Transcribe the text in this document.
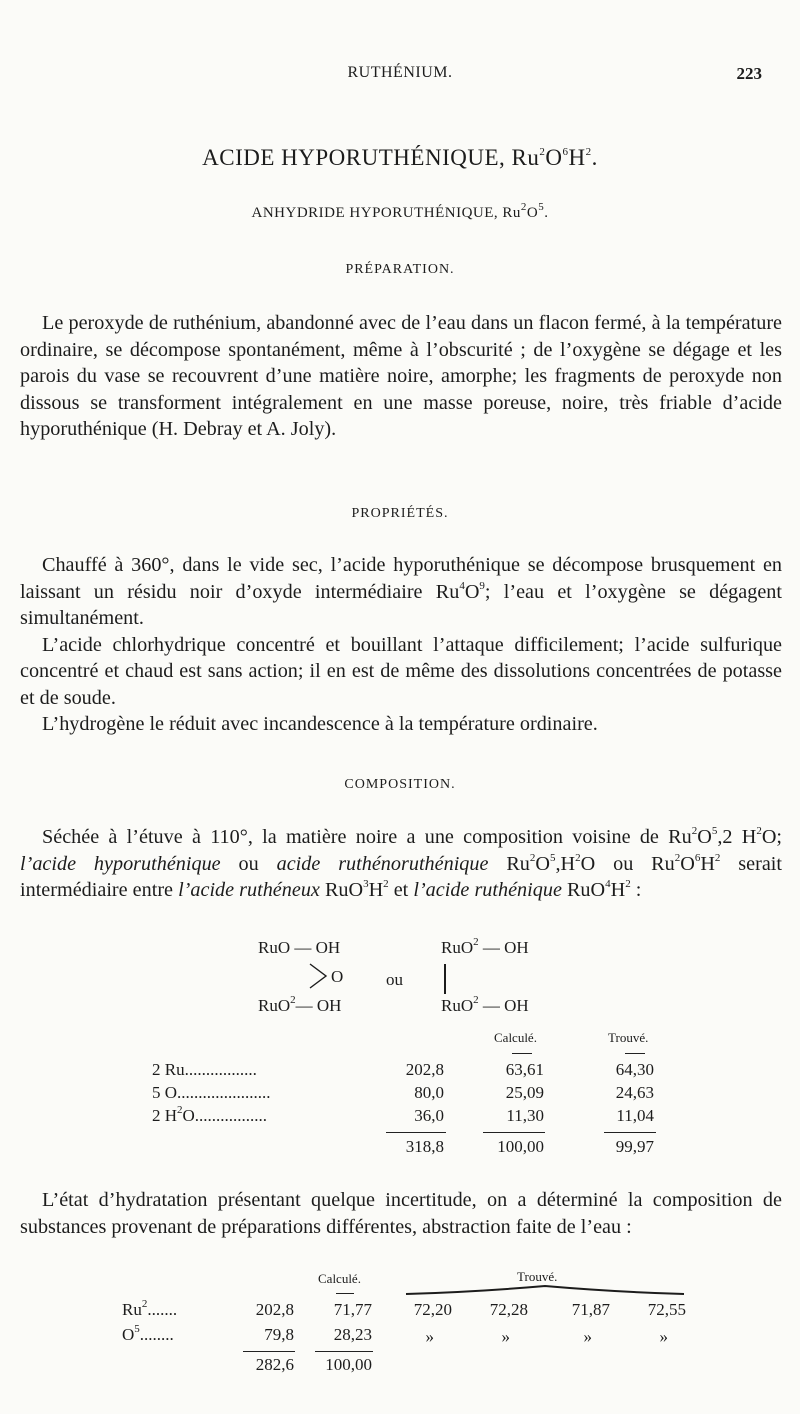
RUTHÉNIUM.	223
ACIDE HYPORUTHÉNIQUE, $Ru^2O^6H^2$.
ANHYDRIDE HYPORUTHÉNIQUE, $Ru^2O^5$.
PRÉPARATION.

Le peroxyde de ruthénium, abandonné avec de l’eau dans un flacon fermé, à la température ordinaire, se décompose spontanément, même à l’obscurité ; de l’oxygène se dégage et les parois du vase se recouvrent d’une matière noire, amorphe; les fragments de peroxyde non dissous se transforment intégralement en une masse poreuse, noire, très friable d’acide hyporuthénique (H. Debray et A. Joly).

PROPRIÉTÉS.

Chauffé à 360°, dans le vide sec, l’acide hyporuthénique se décompose brusquement en laissant un résidu noir d’oxyde intermédiaire $Ru^4O^9$; l’eau et l’oxygène se dégagent simultanément.

L’acide chlorhydrique concentré et bouillant l’attaque difficilement; l’acide sulfurique concentré et chaud est sans action; il en est de même des dissolutions concentrées de potasse et de soude.

L’hydrogène le réduit avec incandescence à la température ordinaire.

COMPOSITION.

Séchée à l’étuve à 110°, la matière noire a une composition voisine de $Ru^2O^5,2$ $H^2O$; l’acide hyporuthénique ou acide ruthénoruthénique $Ru^2O^5,H^2O$ ou $Ru^2O^6H^2$ serait intermédiaire entre l’acide ruthéneux $RuO^3H^2$ et l’acide ruthénique $RuO^4H^2$ :

RuO — OH
O
RuO$^2$— OH
ou
RuO$^2$ — OH
RuO$^2$ — OH
Calculé.	Trouvé.
2 Ru.................	202,8	63,61	64,30
5 O......................	80,0	25,09	24,63
2 $H^2O$.................	36,0	11,30	11,04
318,8	100,00	99,97

L’état d’hydratation présentant quelque incertitude, on a déterminé la composition de substances provenant de préparations différentes, abstraction faite de l’eau :

Calculé.	Trouvé.
Ru$^2$.......	202,8	71,77	72,20	72,28	71,87	72,55
$O^5$........	79,8	28,23	»	»	»	»
282,6	100,00
